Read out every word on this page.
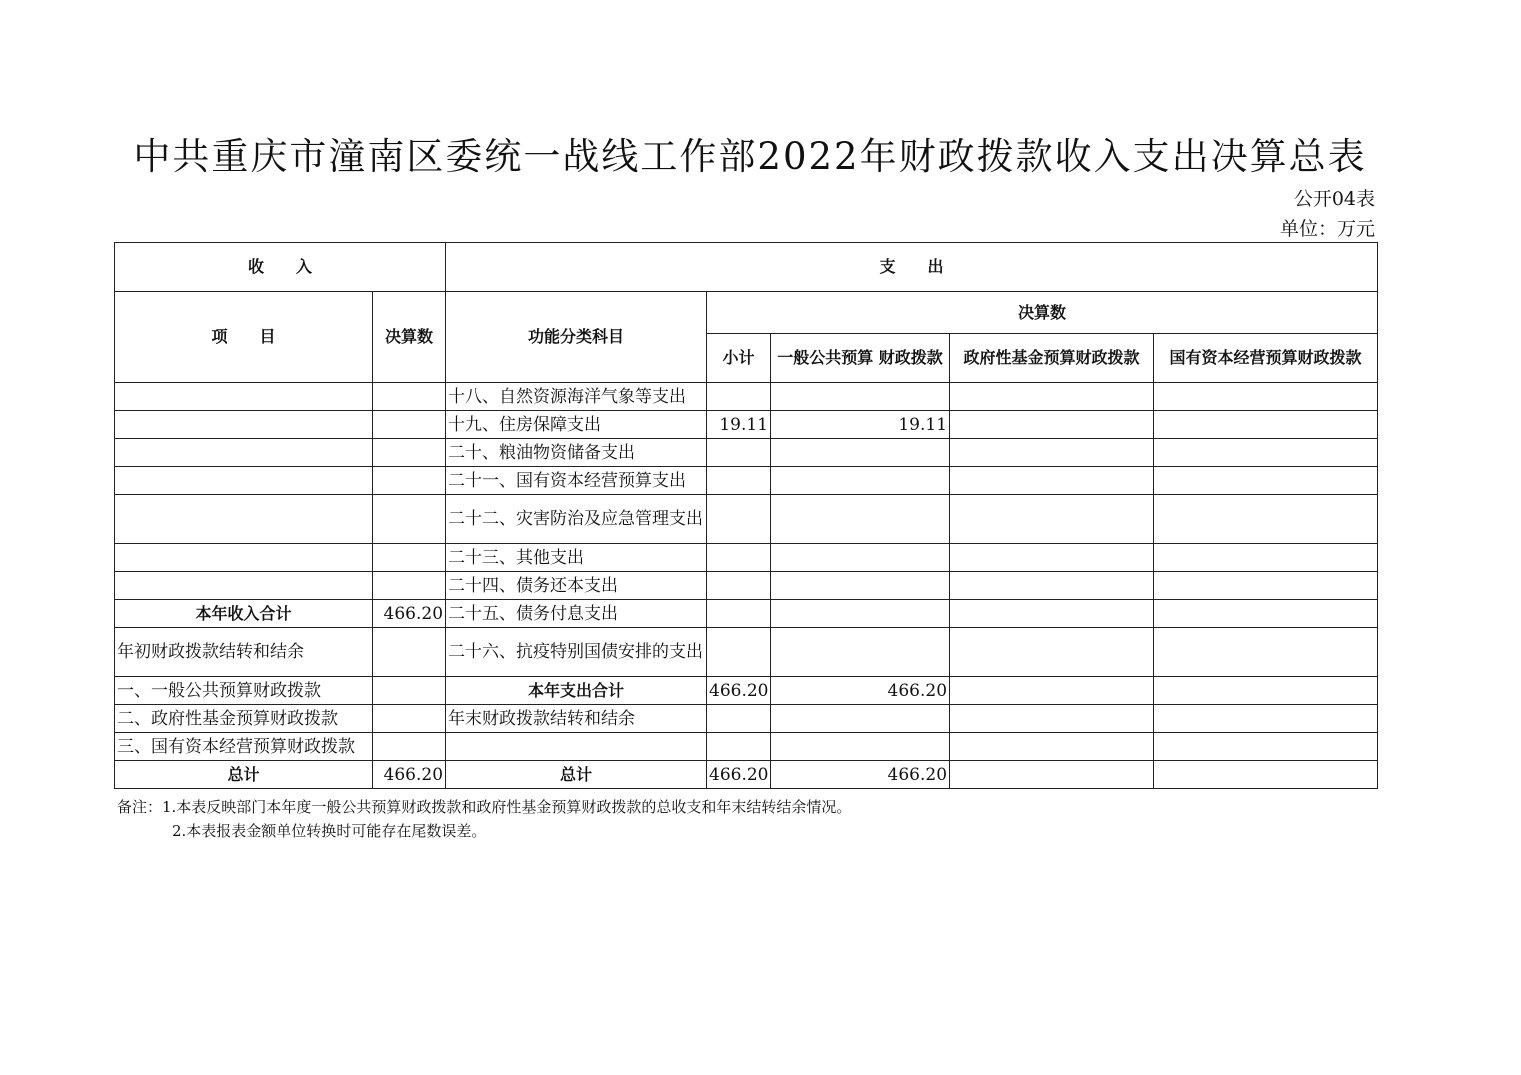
中共重庆市潼南区委统一战线工作部2022年财政拨款收入支出决算总表
公开04表
单位：万元
收　　入		支　　出				
项　　目	决算数	功能分类科目	决算数			
			小计	一般公共预算 财政拨款	政府性基金预算财政拨款	国有资本经营预算财政拨款
		十八、自然资源海洋气象等支出				
		十九、住房保障支出	19.11	19.11		
		二十、粮油物资储备支出				
		二十一、国有资本经营预算支出				
		二十二、灾害防治及应急管理支出				
		二十三、其他支出				
		二十四、债务还本支出				
本年收入合计	466.20	二十五、债务付息支出				
年初财政拨款结转和结余		二十六、抗疫特别国债安排的支出				
一、一般公共预算财政拨款		本年支出合计	466.20	466.20		
二、政府性基金预算财政拨款		年末财政拨款结转和结余				
三、国有资本经营预算财政拨款						
总计	466.20	总计	466.20	466.20		
备注：1.本表反映部门本年度一般公共预算财政拨款和政府性基金预算财政拨款的总收支和年末结转结余情况。
2.本表报表金额单位转换时可能存在尾数误差。
